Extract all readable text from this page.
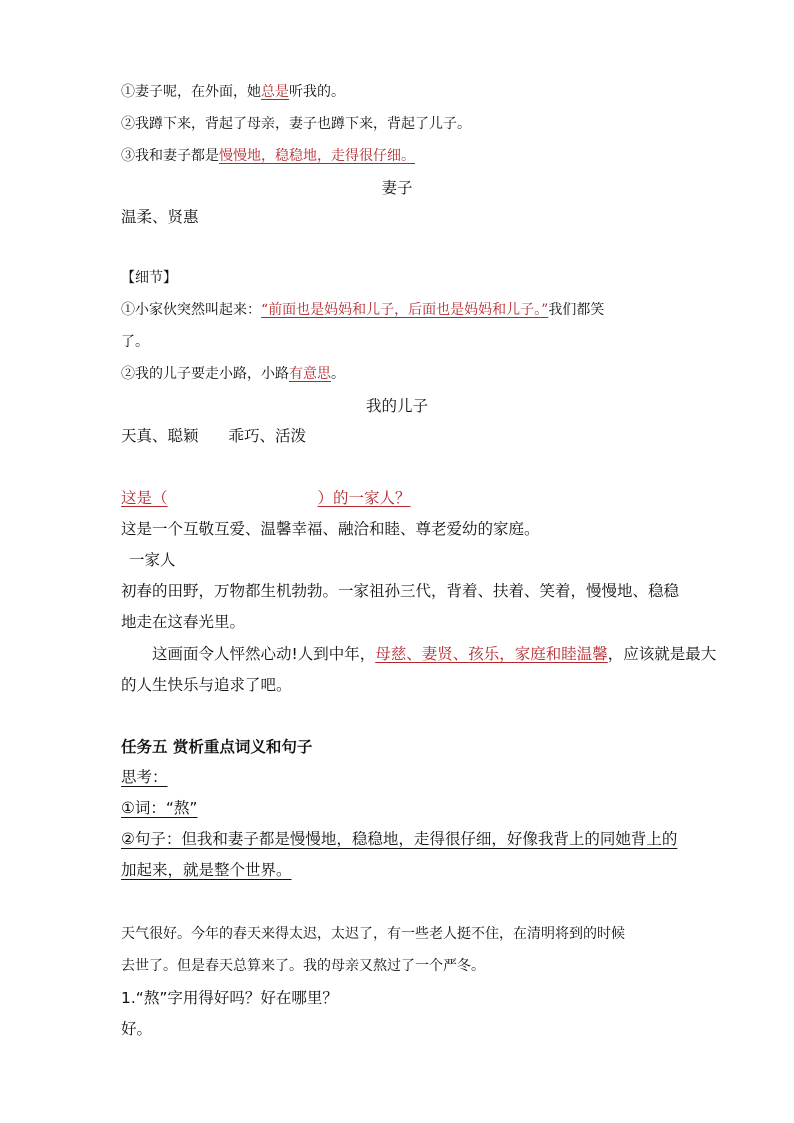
①妻子呢，在外面，她总是听我的。
②我蹲下来，背起了母亲，妻子也蹲下来，背起了儿子。
③我和妻子都是慢慢地，稳稳地，走得很仔细。
妻子
温柔、贤惠
【细节】
①小家伙突然叫起来：“前面也是妈妈和儿子，后面也是妈妈和儿子。”我们都笑
了。
②我的儿子要走小路，小路有意思。
我的儿子
天真、聪颖 乖巧、活泼
这是（	）的一家人？
这是一个互敬互爱、温馨幸福、融洽和睦、尊老爱幼的家庭。
一家人
初春的田野，万物都生机勃勃。一家祖孙三代，背着、扶着、笑着，慢慢地、稳稳
地走在这春光里。
这画面令人怦然心动!人到中年，母慈、妻贤、孩乐，家庭和睦温馨，应该就是最大
的人生快乐与追求了吧。
任务五 赏析重点词义和句子
思考：
①词：“熬”
②句子：但我和妻子都是慢慢地，稳稳地，走得很仔细，好像我背上的同她背上的
加起来，就是整个世界。
天气很好。今年的春天来得太迟，太迟了，有一些老人挺不住，在清明将到的时候
去世了。但是春天总算来了。我的母亲又熬过了一个严冬。
1.“熬”字用得好吗？好在哪里？
好。
